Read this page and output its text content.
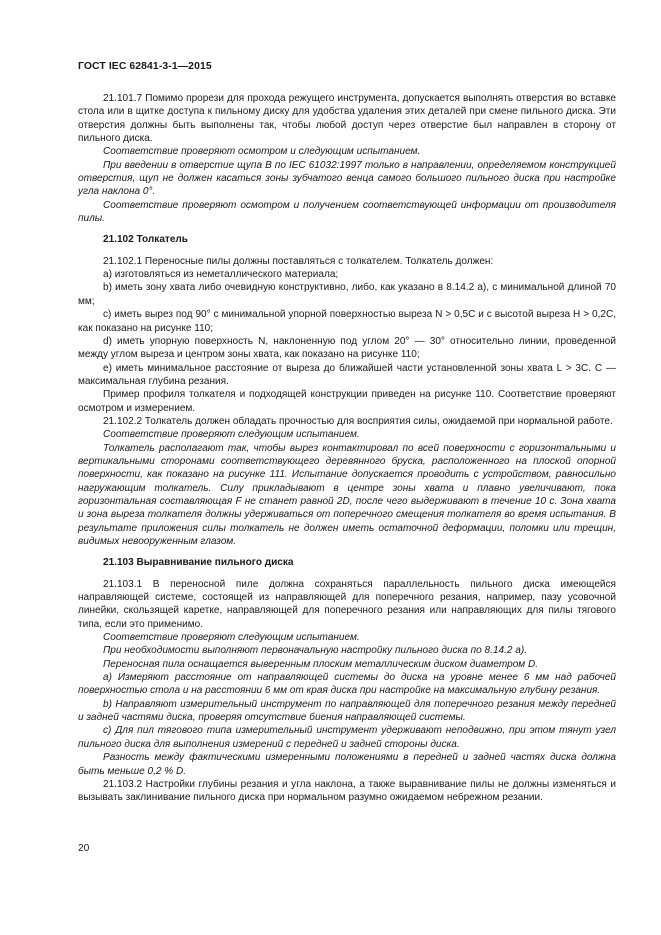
ГОСТ IEC 62841-3-1—2015

21.101.7 Помимо прорези для прохода режущего инструмента, допускается выполнять отверстия во вставке стола или в щитке доступа к пильному диску для удобства удаления этих деталей при смене пильного диска. Эти отверстия должны быть выполнены так, чтобы любой доступ через отверстие был направлен в сторону от пильного диска.

Соответствие проверяют осмотром и следующим испытанием.

При введении в отверстие щупа В по IEC 61032:1997 только в направлении, определяемом конструкцией отверстия, щуп не должен касаться зоны зубчатого венца самого большого пильного диска при настройке угла наклона 0°.

Соответствие проверяют осмотром и получением соответствующей информации от производителя пилы.

21.102 Толкатель

21.102.1 Переносные пилы должны поставляться с толкателем. Толкатель должен:

a) изготовляться из неметаллического материала;

b) иметь зону хвата либо очевидную конструктивно, либо, как указано в 8.14.2 а), с минимальной длиной 70 мм;

c) иметь вырез под 90° с минимальной упорной поверхностью выреза N > 0,5C и с высотой выреза H > 0,2C, как показано на рисунке 110;

d) иметь упорную поверхность N, наклоненную под углом 20° — 30° относительно линии, проведенной между углом выреза и центром зоны хвата, как показано на рисунке 110;

e) иметь минимальное расстояние от выреза до ближайшей части установленной зоны хвата L > 3C. C — максимальная глубина резания.

Пример профиля толкателя и подходящей конструкции приведен на рисунке 110. Соответствие проверяют осмотром и измерением.

21.102.2 Толкатель должен обладать прочностью для восприятия силы, ожидаемой при нормальной работе.

Соответствие проверяют следующим испытанием.

Толкатель располагают так, чтобы вырез контактировал по всей поверхности с горизонтальными и вертикальными сторонами соответствующего деревянного бруска, расположенного на плоской опорной поверхности, как показано на рисунке 111. Испытание допускается проводить с устройством, равносильно нагружающим толкатель. Силу прикладывают в центре зоны хвата и плавно увеличивают, пока горизонтальная составляющая F не станет равной 2D, после чего выдерживают в течение 10 с. Зона хвата и зона выреза толкателя должны удерживаться от поперечного смещения толкателя во время испытания. В результате приложения силы толкатель не должен иметь остаточной деформации, поломки или трещин, видимых невооруженным глазом.

21.103 Выравнивание пильного диска

21.103.1 В переносной пиле должна сохраняться параллельность пильного диска имеющейся направляющей системе, состоящей из направляющей для поперечного резания, например, пазу усовочной линейки, скользящей каретке, направляющей для поперечного резания или направляющих для пилы тягового типа, если это применимо.

Соответствие проверяют следующим испытанием.

При необходимости выполняют первоначальную настройку пильного диска по 8.14.2 а).

Переносная пила оснащается выверенным плоским металлическим диском диаметром D.

a) Измеряют расстояние от направляющей системы до диска на уровне менее 6 мм над рабочей поверхностью стола и на расстоянии 6 мм от края диска при настройке на максимальную глубину резания.

b) Направляют измерительный инструмент по направляющей для поперечного резания между передней и задней частями диска, проверяя отсутствие биения направляющей системы.

c) Для пил тягового типа измерительный инструмент удерживают неподвижно, при этом тянут узел пильного диска для выполнения измерений с передней и задней стороны диска.

Разность между фактическими измеренными положениями в передней и задней частях диска должна быть меньше 0,2 % D.

21.103.2 Настройки глубины резания и угла наклона, а также выравнивание пилы не должны изменяться и вызывать заклинивание пильного диска при нормальном разумно ожидаемом небрежном резании.

20
